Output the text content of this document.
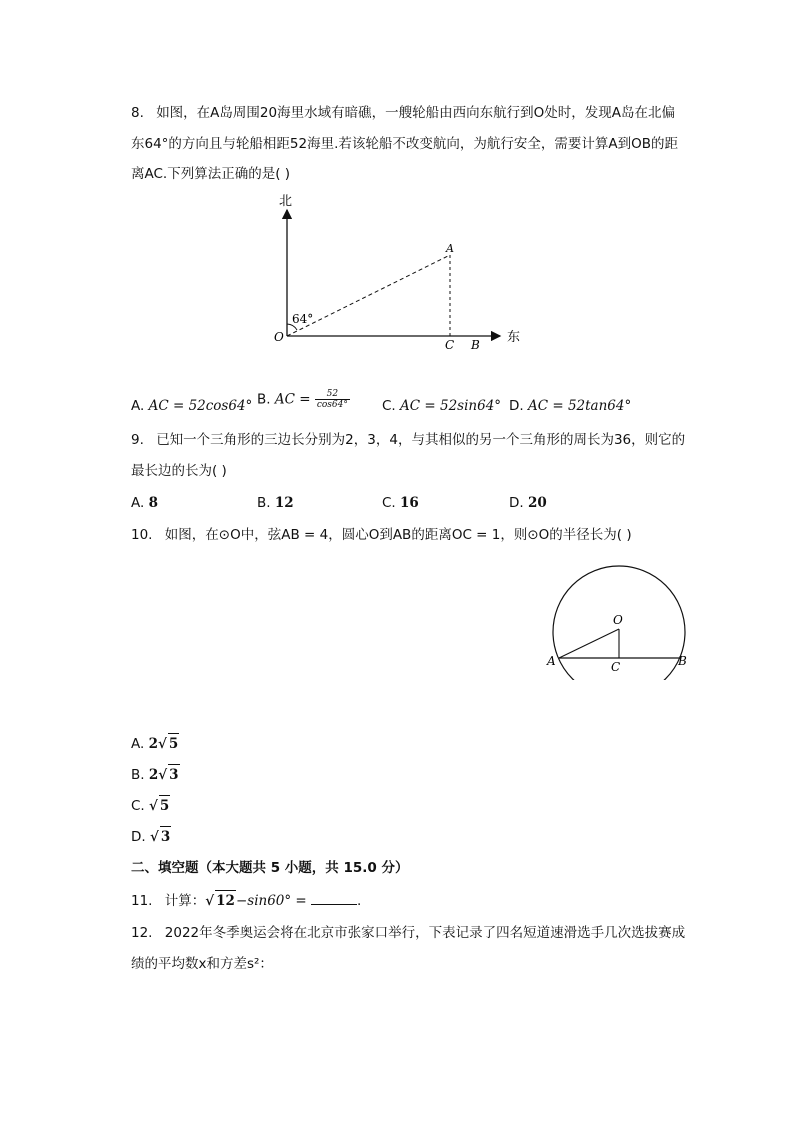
8. 如图，在A岛周围20海里水域有暗礁，一艘轮船由西向东航行到O处时，发现A岛在北偏
东64°的方向且与轮船相距52海里.若该轮船不改变航向，为航行安全，需要计算A到OB的距
离AC.下列算法正确的是( )
北
东
64°
O
A
C B
A. AC = 52cos64° B. AC = $\frac{52}{\cos 64^\circ} C$. AC = 52sin64° D. AC = 52tan64°
9. 已知一个三角形的三边长分别为2，3，4，与其相似的另一个三角形的周长为36，则它的
最长边的长为( )
A. 8	B. 12	C. 16	D. 20
10. 如图，在⊙O中，弦AB = 4，圆心O到AB的距离OC = 1，则⊙O的半径长为( )
O
A	C	B
A. 2√ 5
B. 2√ 3
C. √ 5
D. √ 3
二、填空题（本大题共 5 小题，共 15.0 分）
11. 计算：√ 12−sin60° =	.
12. 2022年冬季奥运会将在北京市张家口举行，下表记录了四名短道速滑选手几次选拔赛成
绩的平均数x和方差s²：
